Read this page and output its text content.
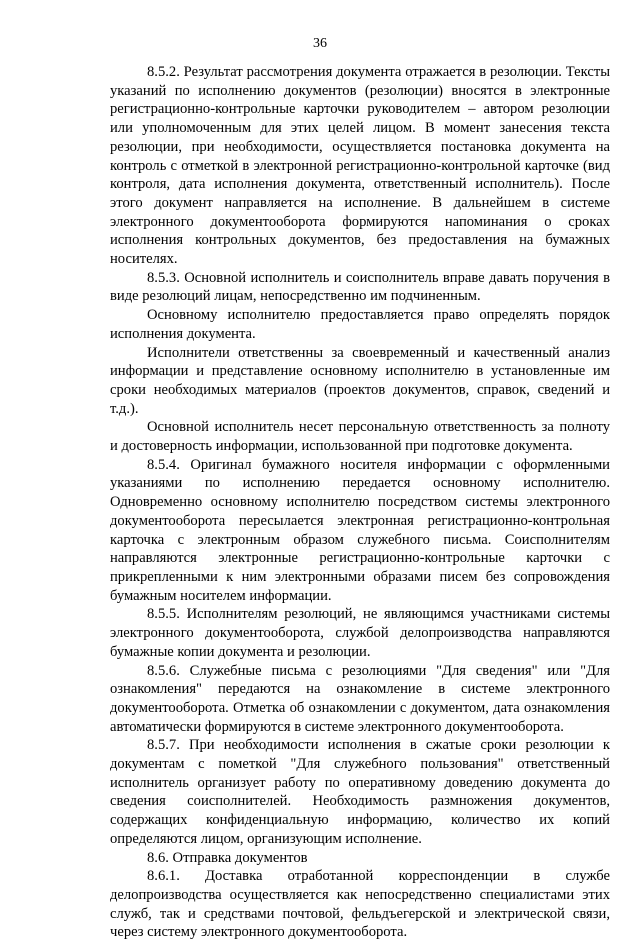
36

8.5.2. Результат рассмотрения документа отражается в резолюции. Тексты указаний по исполнению документов (резолюции) вносятся в электронные регистрационно-контрольные карточки руководителем – автором резолюции или уполномоченным для этих целей лицом. В момент занесения текста резолюции, при необходимости, осуществляется постановка документа на контроль с отметкой в электронной регистрационно-контрольной карточке (вид контроля, дата исполнения документа, ответственный исполнитель). После этого документ направляется на исполнение. В дальнейшем в системе электронного документооборота формируются напоминания о сроках исполнения контрольных документов, без предоставления на бумажных носителях.

8.5.3. Основной исполнитель и соисполнитель вправе давать поручения в виде резолюций лицам, непосредственно им подчиненным.

Основному исполнителю предоставляется право определять порядок исполнения документа.

Исполнители ответственны за своевременный и качественный анализ информации и представление основному исполнителю в установленные им сроки необходимых материалов (проектов документов, справок, сведений и т.д.).

Основной исполнитель несет персональную ответственность за полноту и достоверность информации, использованной при подготовке документа.

8.5.4. Оригинал бумажного носителя информации с оформленными указаниями по исполнению передается основному исполнителю. Одновременно основному исполнителю посредством системы электронного документооборота пересылается электронная регистрационно-контрольная карточка с электронным образом служебного письма. Соисполнителям направляются электронные регистрационно-контрольные карточки с прикрепленными к ним электронными образами писем без сопровождения бумажным носителем информации.

8.5.5. Исполнителям резолюций, не являющимся участниками системы электронного документооборота, службой делопроизводства направляются бумажные копии документа и резолюции.

8.5.6. Служебные письма с резолюциями "Для сведения" или "Для ознакомления" передаются на ознакомление в системе электронного документооборота. Отметка об ознакомлении с документом, дата ознакомления автоматически формируются в системе электронного документооборота.

8.5.7. При необходимости исполнения в сжатые сроки резолюции к документам с пометкой "Для служебного пользования" ответственный исполнитель организует работу по оперативному доведению документа до сведения соисполнителей. Необходимость размножения документов, содержащих конфиденциальную информацию, количество их копий определяются лицом, организующим исполнение.

8.6. Отправка документов

8.6.1. Доставка отработанной корреспонденции в службе делопроизводства осуществляется как непосредственно специалистами этих служб, так и средствами почтовой, фельдъегерской и электрической связи, через систему электронного документооборота.
